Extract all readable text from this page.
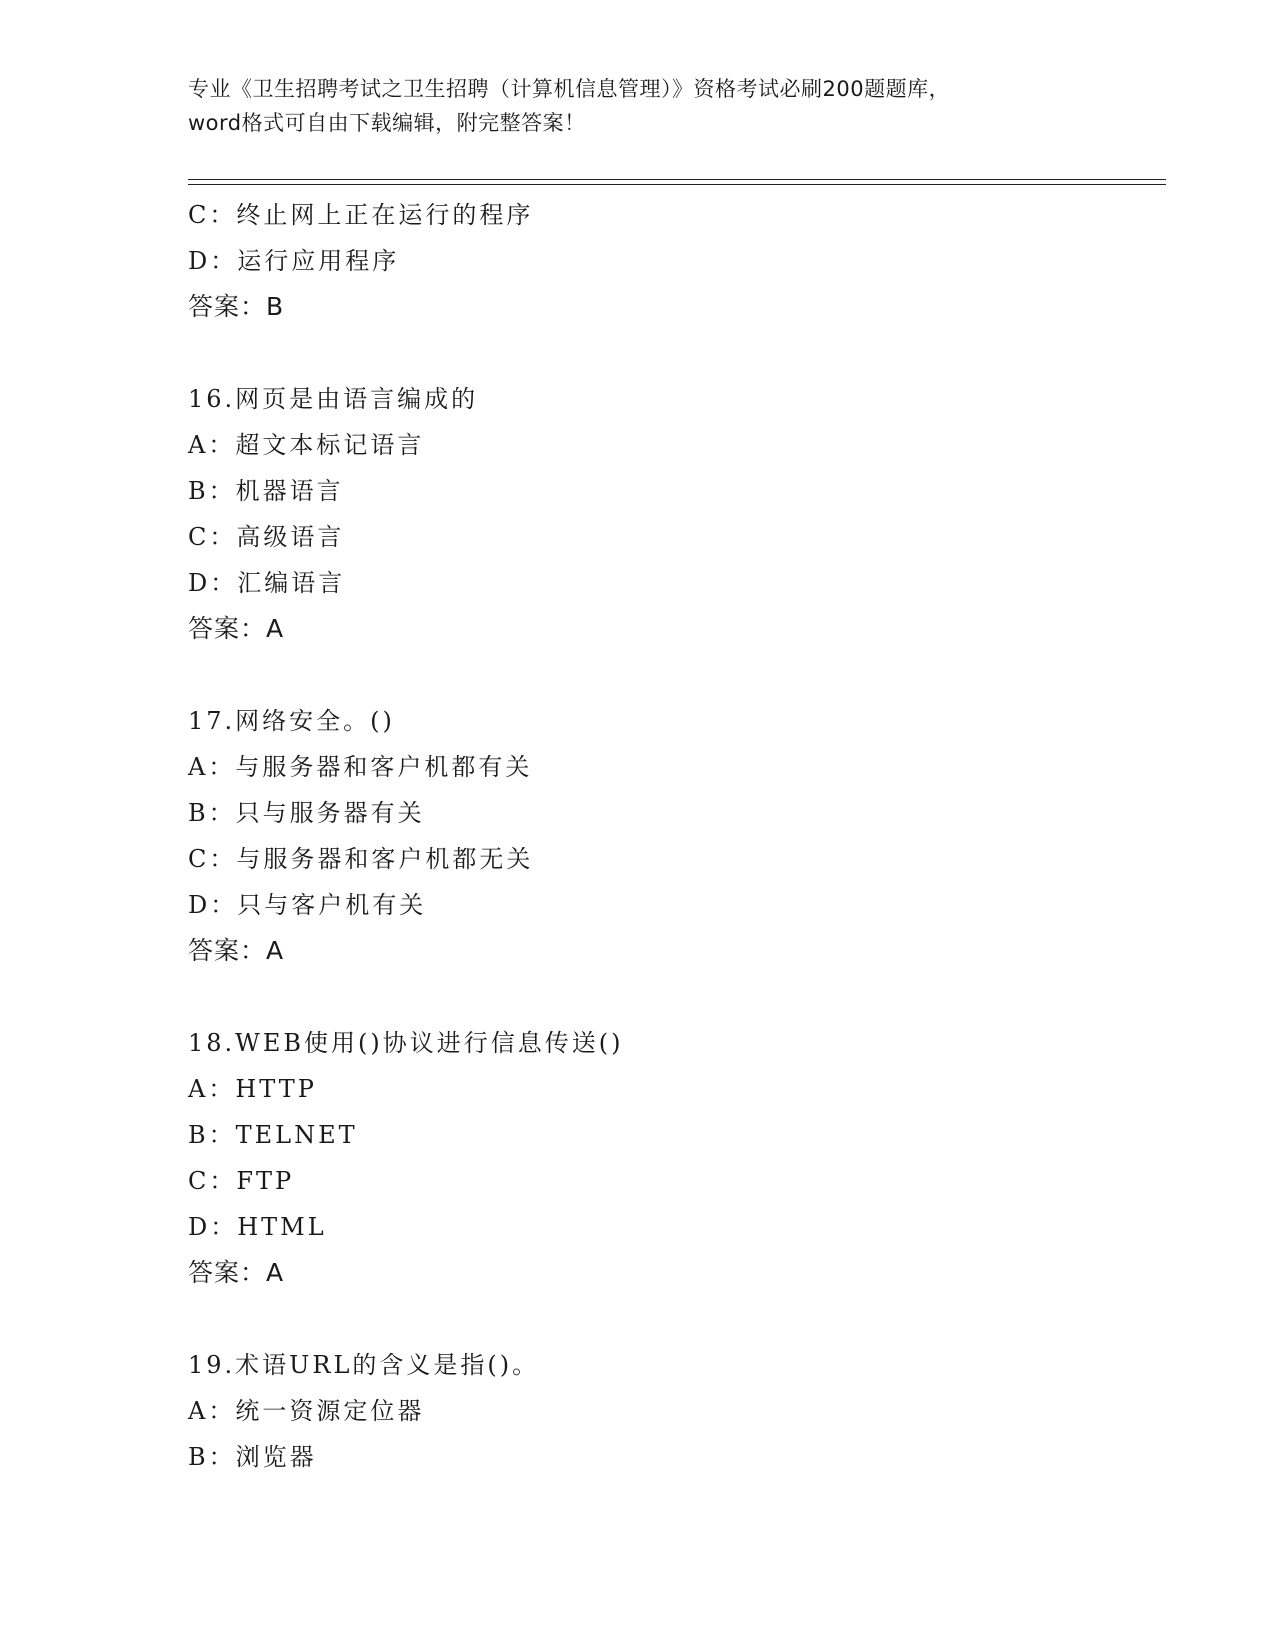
专业《卫生招聘考试之卫生招聘（计算机信息管理）》资格考试必刷200题题库，
word格式可自由下载编辑，附完整答案！
C：终止网上正在运行的程序
D：运行应用程序
答案：B
16.网页是由语言编成的
A：超文本标记语言
B：机器语言
C：高级语言
D：汇编语言
答案：A
17.网络安全。()
A：与服务器和客户机都有关
B：只与服务器有关
C：与服务器和客户机都无关
D：只与客户机有关
答案：A
18.WEB使用()协议进行信息传送()
A：HTTP
B：TELNET
C：FTP
D：HTML
答案：A
19.术语URL的含义是指()。
A：统一资源定位器
B：浏览器
